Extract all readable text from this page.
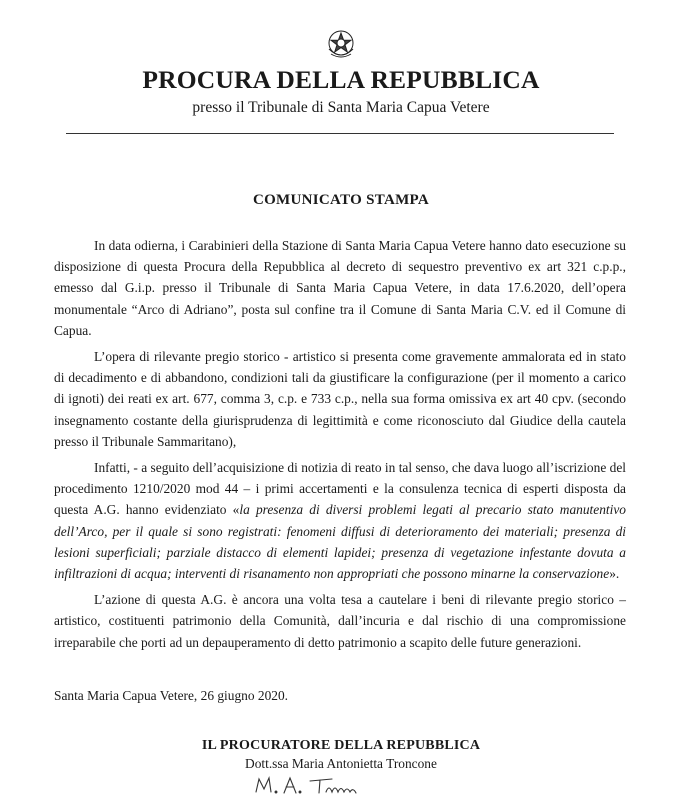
PROCURA DELLA REPUBBLICA
presso il Tribunale di Santa Maria Capua Vetere
COMUNICATO STAMPA

In data odierna, i Carabinieri della Stazione di Santa Maria Capua Vetere hanno dato esecuzione su disposizione di questa Procura della Repubblica al decreto di sequestro preventivo ex art 321 c.p.p., emesso dal G.i.p. presso il Tribunale di Santa Maria Capua Vetere, in data 17.6.2020, dell’opera monumentale “Arco di Adriano”, posta sul confine tra il Comune di Santa Maria C.V. ed il Comune di Capua.

L’opera di rilevante pregio storico - artistico si presenta come gravemente ammalorata ed in stato di decadimento e di abbandono, condizioni tali da giustificare la configurazione (per il momento a carico di ignoti) dei reati ex art. 677, comma 3, c.p. e 733 c.p., nella sua forma omissiva ex art 40 cpv. (secondo insegnamento costante della giurisprudenza di legittimità e come riconosciuto dal Giudice della cautela presso il Tribunale Sammaritano),

Infatti, - a seguito dell’acquisizione di notizia di reato in tal senso, che dava luogo all’iscrizione del procedimento 1210/2020 mod 44 – i primi accertamenti e la consulenza tecnica di esperti disposta da questa A.G. hanno evidenziato «la presenza di diversi problemi legati al precario stato manutentivo dell’Arco, per il quale si sono registrati: fenomeni diffusi di deterioramento dei materiali; presenza di lesioni superficiali; parziale distacco di elementi lapidei; presenza di vegetazione infestante dovuta a infiltrazioni di acqua; interventi di risanamento non appropriati che possono minarne la conservazione».

L’azione di questa A.G. è ancora una volta tesa a cautelare i beni di rilevante pregio storico – artistico, costituenti patrimonio della Comunità, dall’incuria e dal rischio di una compromissione irreparabile che porti ad un depauperamento di detto patrimonio a scapito delle future generazioni.

Santa Maria Capua Vetere, 26 giugno 2020.
IL PROCURATORE DELLA REPUBBLICA
Dott.ssa Maria Antonietta Troncone
